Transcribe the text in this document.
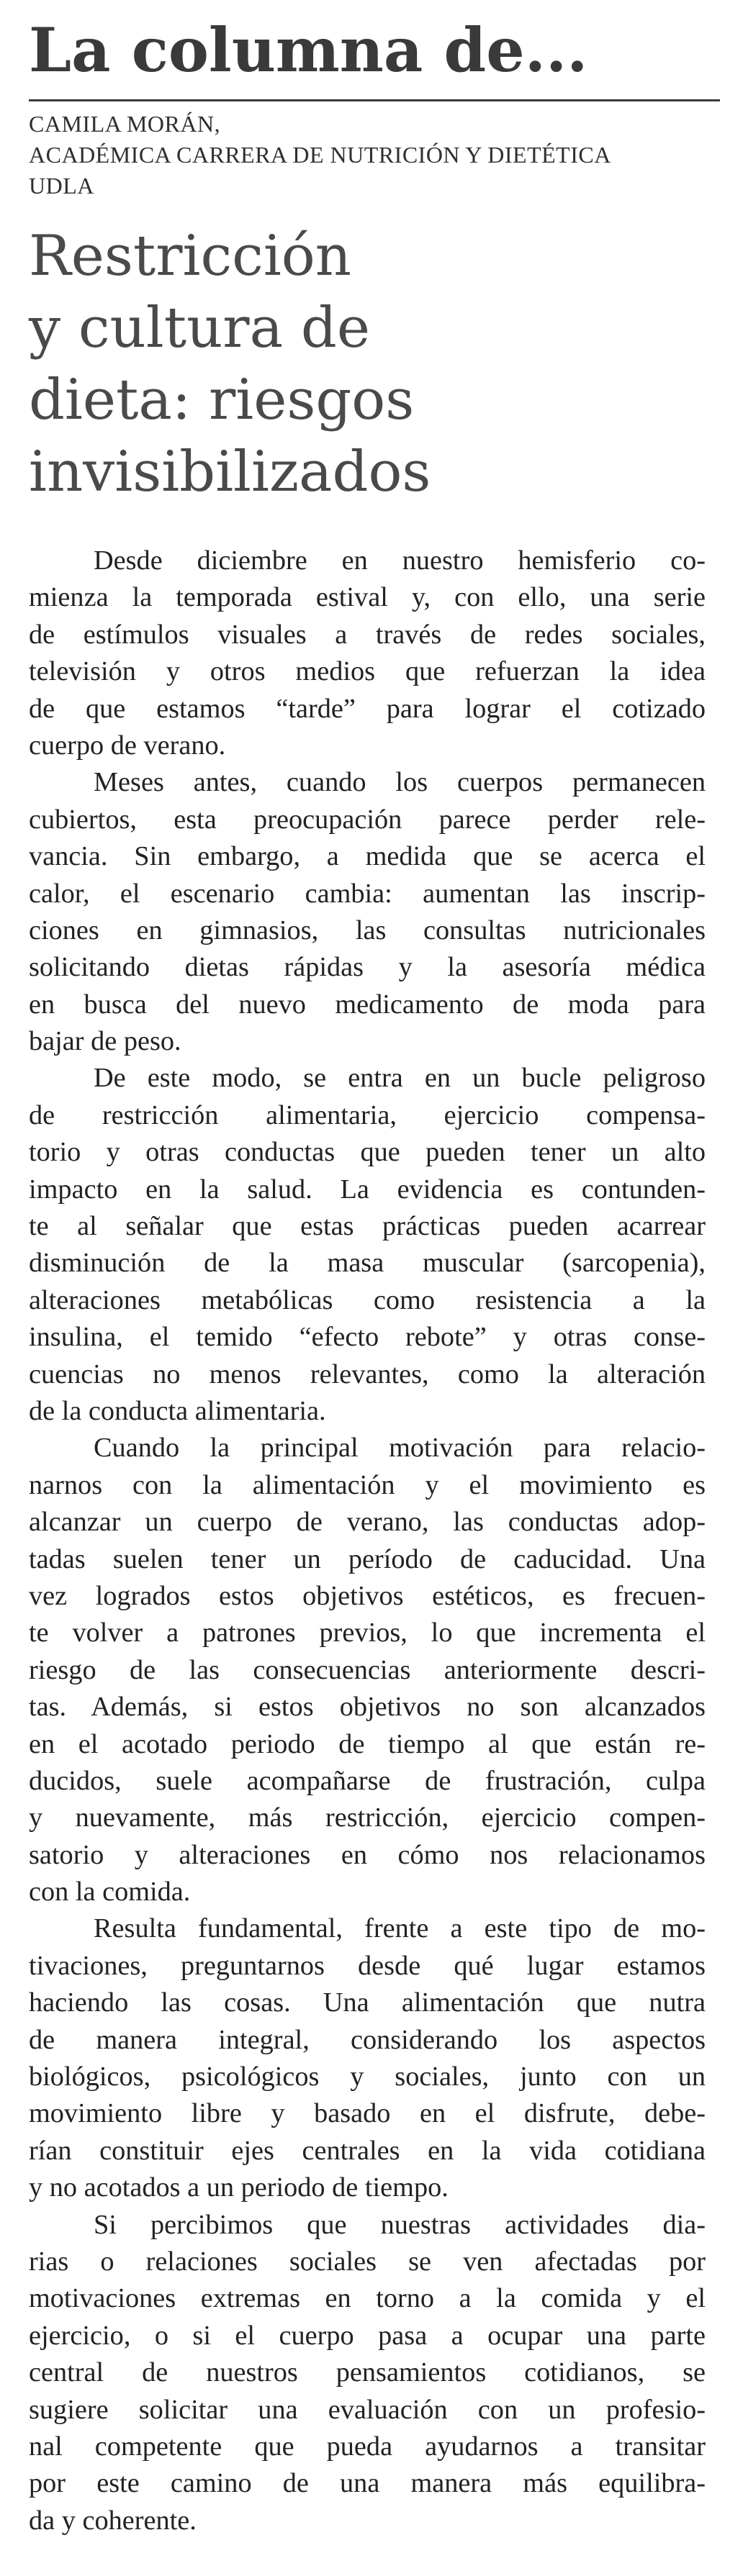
La columna de...
CAMILA MORÁN,
ACADÉMICA CARRERA DE NUTRICIÓN Y DIETÉTICA
UDLA
Restricción
y cultura de
dieta: riesgos
invisibilizados

Desde diciembre en nuestro hemisferio co-
mienza la temporada estival y, con ello, una serie
de estímulos visuales a través de redes sociales,
televisión y otros medios que refuerzan la idea
de que estamos “tarde” para lograr el cotizado
cuerpo de verano.

Meses antes, cuando los cuerpos permanecen
cubiertos, esta preocupación parece perder rele-
vancia. Sin embargo, a medida que se acerca el
calor, el escenario cambia: aumentan las inscrip-
ciones en gimnasios, las consultas nutricionales
solicitando dietas rápidas y la asesoría médica
en busca del nuevo medicamento de moda para
bajar de peso.

De este modo, se entra en un bucle peligroso
de restricción alimentaria, ejercicio compensa-
torio y otras conductas que pueden tener un alto
impacto en la salud. La evidencia es contunden-
te al señalar que estas prácticas pueden acarrear
disminución de la masa muscular (sarcopenia),
alteraciones metabólicas como resistencia a la
insulina, el temido “efecto rebote” y otras conse-
cuencias no menos relevantes, como la alteración
de la conducta alimentaria.

Cuando la principal motivación para relacio-
narnos con la alimentación y el movimiento es
alcanzar un cuerpo de verano, las conductas adop-
tadas suelen tener un período de caducidad. Una
vez logrados estos objetivos estéticos, es frecuen-
te volver a patrones previos, lo que incrementa el
riesgo de las consecuencias anteriormente descri-
tas. Además, si estos objetivos no son alcanzados
en el acotado periodo de tiempo al que están re-
ducidos, suele acompañarse de frustración, culpa
y nuevamente, más restricción, ejercicio compen-
satorio y alteraciones en cómo nos relacionamos
con la comida.

Resulta fundamental, frente a este tipo de mo-
tivaciones, preguntarnos desde qué lugar estamos
haciendo las cosas. Una alimentación que nutra
de manera integral, considerando los aspectos
biológicos, psicológicos y sociales, junto con un
movimiento libre y basado en el disfrute, debe-
rían constituir ejes centrales en la vida cotidiana
y no acotados a un periodo de tiempo.

Si percibimos que nuestras actividades dia-
rias o relaciones sociales se ven afectadas por
motivaciones extremas en torno a la comida y el
ejercicio, o si el cuerpo pasa a ocupar una parte
central de nuestros pensamientos cotidianos, se
sugiere solicitar una evaluación con un profesio-
nal competente que pueda ayudarnos a transitar
por este camino de una manera más equilibra-
da y coherente.
